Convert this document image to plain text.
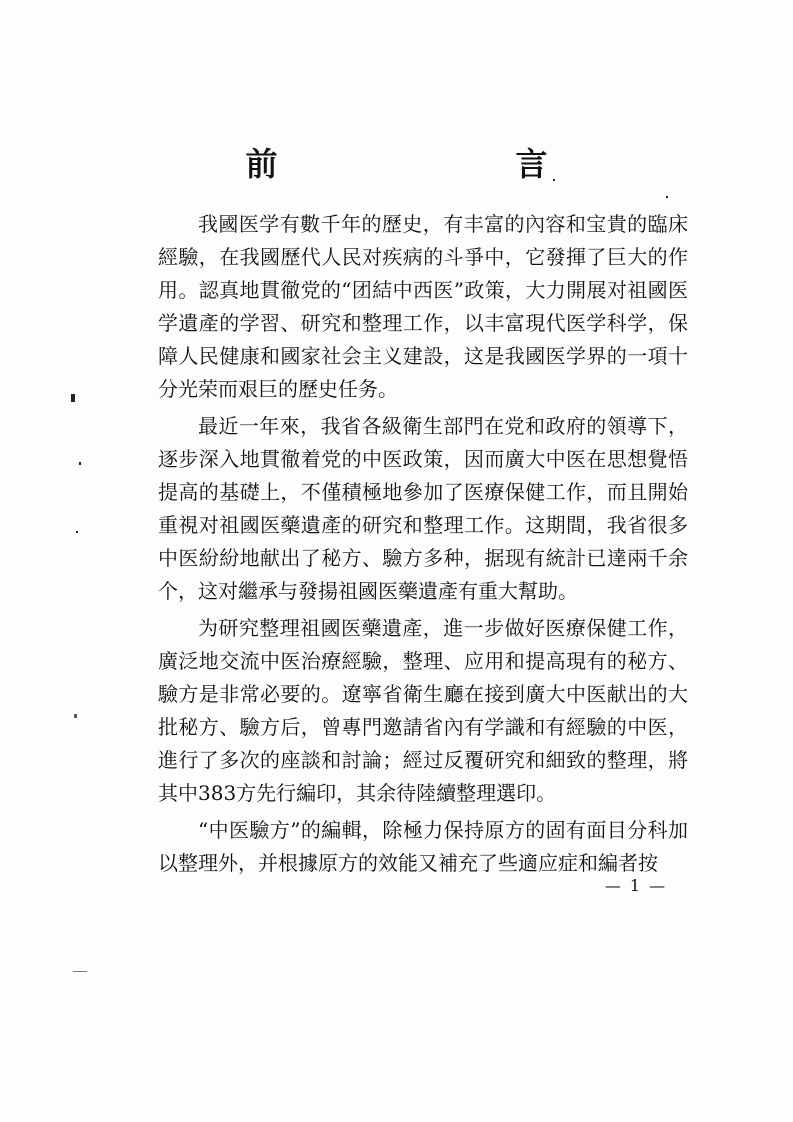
前　　言

我國医学有數千年的歷史，有丰富的內容和宝貴的臨床經驗，在我國歷代人民对疾病的斗爭中，它發揮了巨大的作用。認真地貫徹党的“团結中西医”政策，大力開展对祖國医学遺產的学習、研究和整理工作，以丰富現代医学科学，保障人民健康和國家社会主义建設，这是我國医学界的一項十分光荣而艰巨的歷史任务。

最近一年來，我省各級衛生部門在党和政府的領導下，逐步深入地貫徹着党的中医政策，因而廣大中医在思想覺悟提高的基礎上，不僅積極地參加了医療保健工作，而且開始重視对祖國医藥遺產的研究和整理工作。这期間，我省很多中医紛紛地献出了秘方、驗方多种，据现有統計已達兩千余个，这对繼承与發揚祖國医藥遺產有重大幫助。

为研究整理祖國医藥遺產，進一步做好医療保健工作，廣泛地交流中医治療經驗，整理、应用和提高現有的秘方、驗方是非常必要的。遼寧省衛生廳在接到廣大中医献出的大批秘方、驗方后，曾專門邀請省內有学識和有經驗的中医，進行了多次的座談和討論；經过反覆研究和細致的整理，將其中383方先行編印，其余待陸續整理選印。

“中医驗方”的編輯，除極力保持原方的固有面目分科加以整理外，并根據原方的效能又補充了些適应症和編者按

— 1 —
